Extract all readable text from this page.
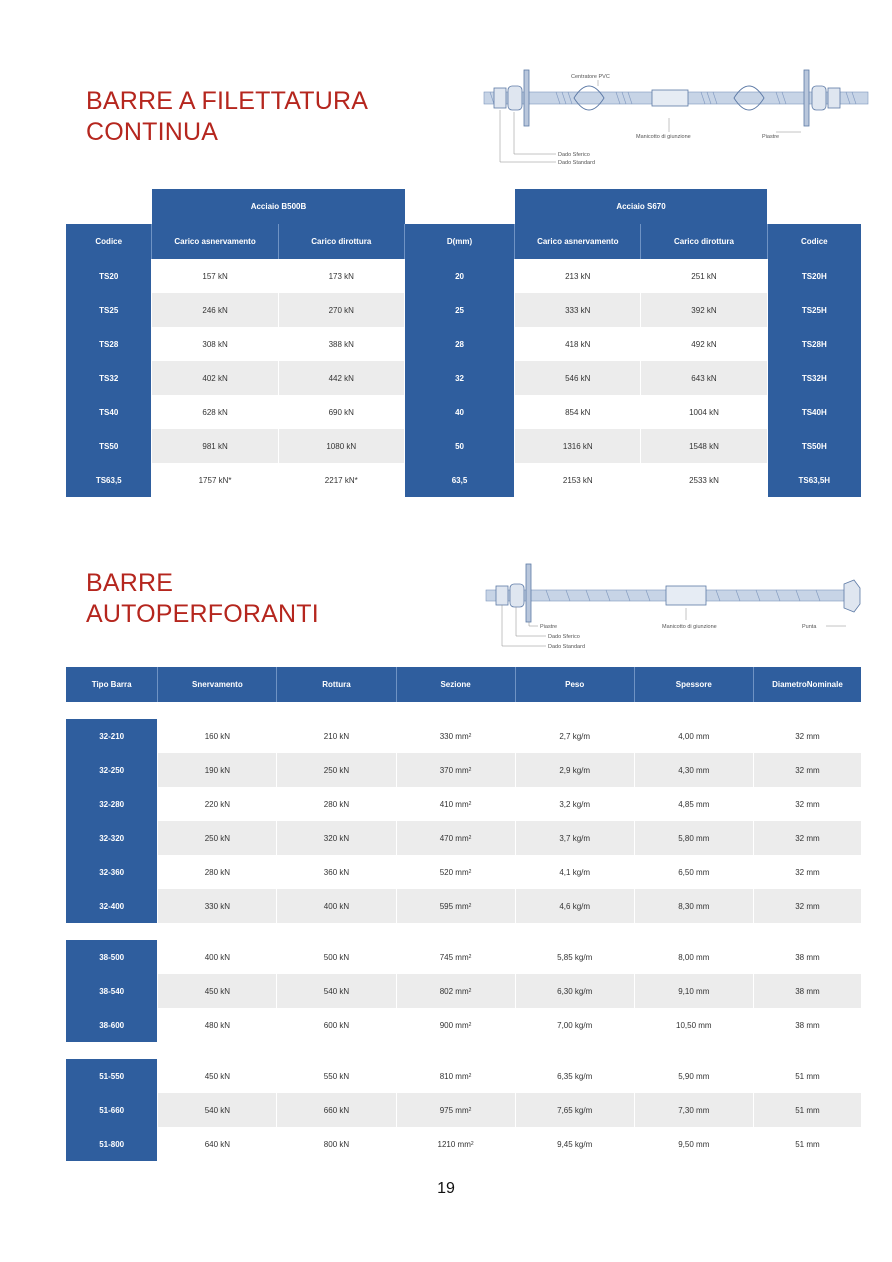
BARRE A FILETTATURA
CONTINUA
Centratore PVC
Manicotto di giunzione	Piastre
Dado Sferico
Dado Standard
Acciaio B500B	Acciaio S670
Codice	Carico a snervamento	Carico di rottura	D (mm)	Carico a snervamento	Carico di rottura	Codice
TS20	157 kN	173 kN	20	213 kN	251 kN	TS20H
TS25	246 kN	270 kN	25	333 kN	392 kN	TS25H
TS28	308 kN	388 kN	28	418 kN	492 kN	TS28H
TS32	402 kN	442 kN	32	546 kN	643 kN	TS32H
TS40	628 kN	690 kN	40	854 kN	1004 kN	TS40H
TS50	981 kN	1080 kN	50	1316 kN	1548 kN	TS50H
TS63,5	1757 kN*	2217 kN*	63,5	2153 kN	2533 kN	TS63,5H
BARRE
AUTOPERFORANTI	Piastre
Dado Sferico
Dado Standard
Manicotto di giunzione	Punta
Tipo Barra	Snervamento	Rottura	Sezione	Peso	Spessore	Diametro Nominale
32-210	160 kN	210 kN	330 mm 2	2,7 kg/m	4,00 mm	32 mm
32-250	190 kN	250 kN	370 mm 2	2,9 kg/m	4,30 mm	32 mm
32-280	220 kN	280 kN	410 mm 2	3,2 kg/m	4,85 mm	32 mm
32-320	250 kN	320 kN	470 mm 2	3,7 kg/m	5,80 mm	32 mm
32-360	280 kN	360 kN	520 mm 2	4,1 kg/m	6,50 mm	32 mm
32-400	330 kN	400 kN	595 mm 2	4,6 kg/m	8,30 mm	32 mm
38-500	400 kN	500 kN	745 mm 2	5,85 kg/m	8,00 mm	38 mm
38-540	450 kN	540 kN	802 mm 2	6,30 kg/m	9,10 mm	38 mm
38-600	480 kN	600 kN	900 mm 2	7,00 kg/m	10,50 mm	38 mm
51-550	450 kN	550 kN	810 mm 2	6,35 kg/m	5,90 mm	51 mm
51-660	540 kN	660 kN	975 mm 2	7,65 kg/m	7,30 mm	51 mm
51-800	640 kN	800 kN	1210 mm 2	9,45 kg/m	9,50 mm	51 mm
19
